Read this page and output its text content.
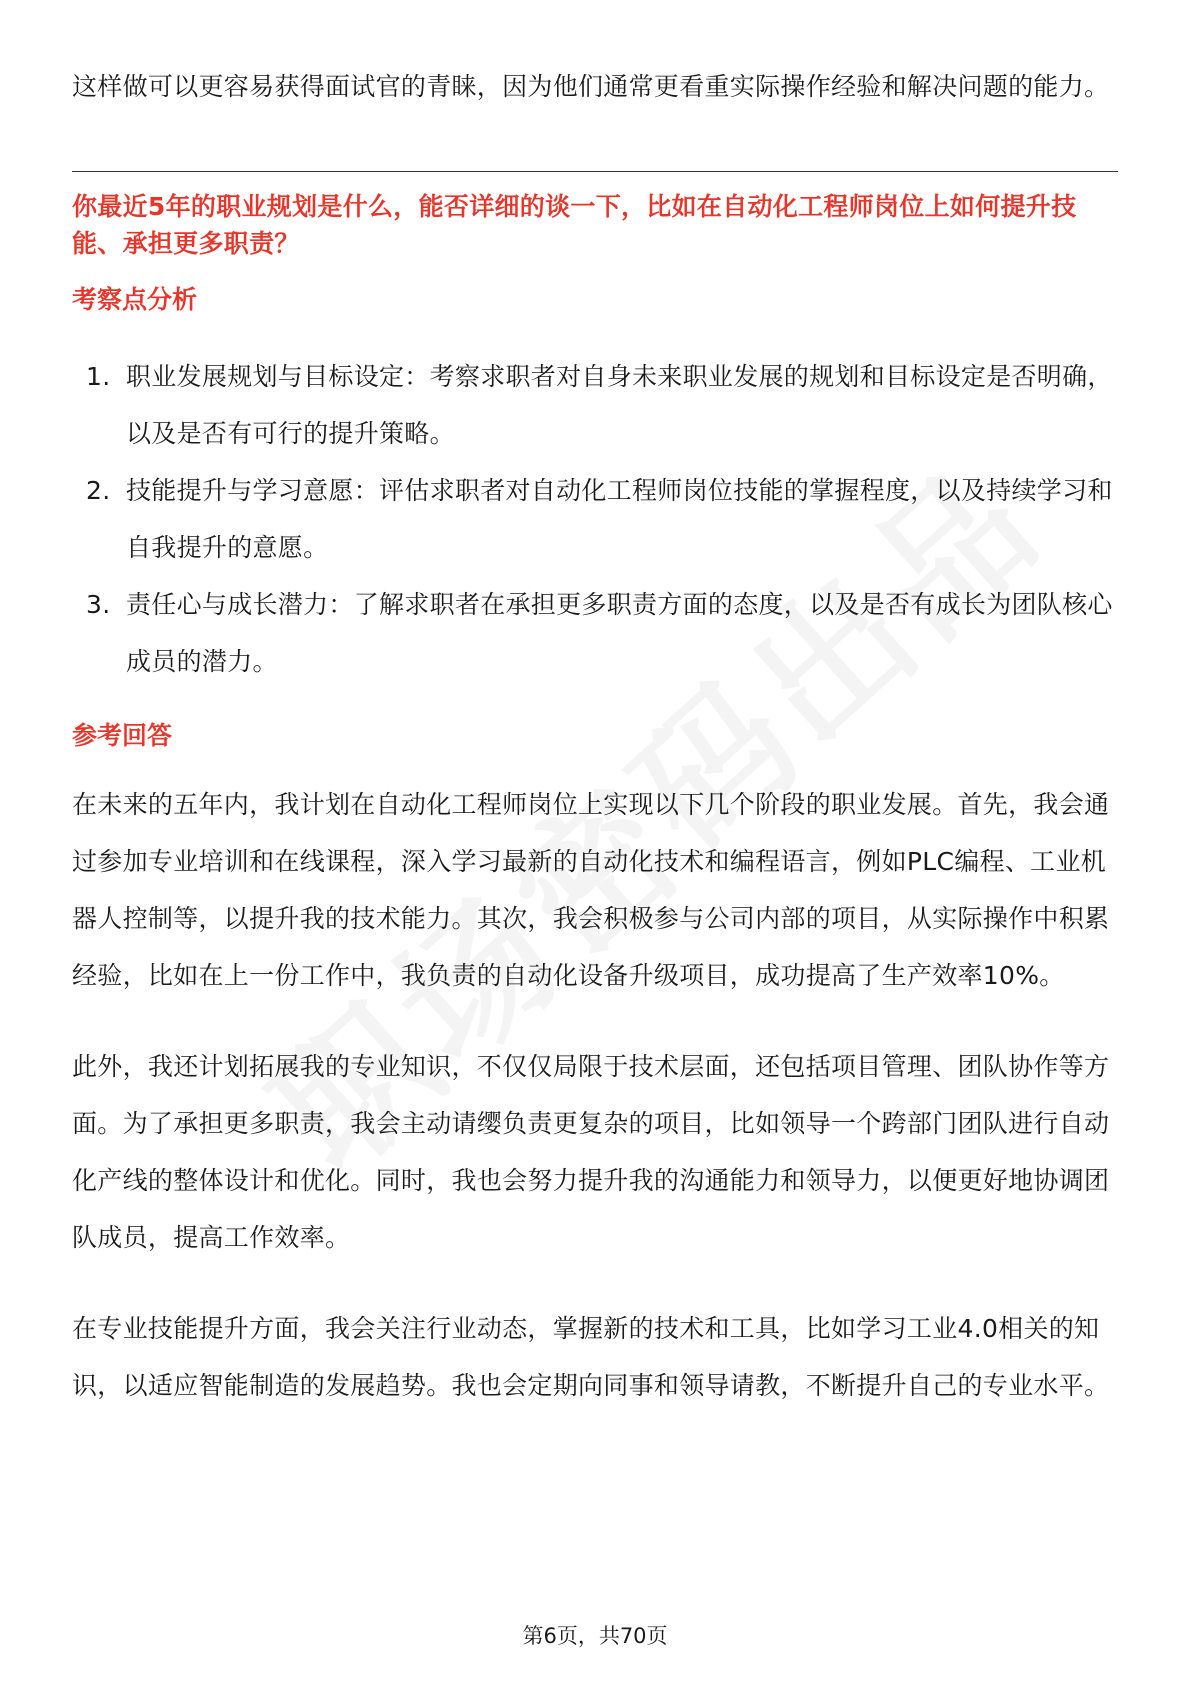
这样做可以更容易获得面试官的青睐，因为他们通常更看重实际操作经验和解决问题的能力。

你最近5年的职业规划是什么，能否详细的谈一下，比如在自动化工程师岗位上如何提升技能、承担更多职责？

考察点分析
1. 职业发展规划与目标设定：考察求职者对自身未来职业发展的规划和目标设定是否明确，以及是否有可行的提升策略。
2. 技能提升与学习意愿：评估求职者对自动化工程师岗位技能的掌握程度，以及持续学习和自我提升的意愿。
3. 责任心与成长潜力：了解求职者在承担更多职责方面的态度，以及是否有成长为团队核心成员的潜力。
参考回答

在未来的五年内，我计划在自动化工程师岗位上实现以下几个阶段的职业发展。首先，我会通过参加专业培训和在线课程，深入学习最新的自动化技术和编程语言，例如PLC编程、工业机器人控制等，以提升我的技术能力。其次，我会积极参与公司内部的项目，从实际操作中积累经验，比如在上一份工作中，我负责的自动化设备升级项目，成功提高了生产效率10%。

此外，我还计划拓展我的专业知识，不仅仅局限于技术层面，还包括项目管理、团队协作等方面。为了承担更多职责，我会主动请缨负责更复杂的项目，比如领导一个跨部门团队进行自动化产线的整体设计和优化。同时，我也会努力提升我的沟通能力和领导力，以便更好地协调团队成员，提高工作效率。

在专业技能提升方面，我会关注行业动态，掌握新的技术和工具，比如学习工业4.0相关的知识，以适应智能制造的发展趋势。我也会定期向同事和领导请教，不断提升自己的专业水平。

第6页，共70页
